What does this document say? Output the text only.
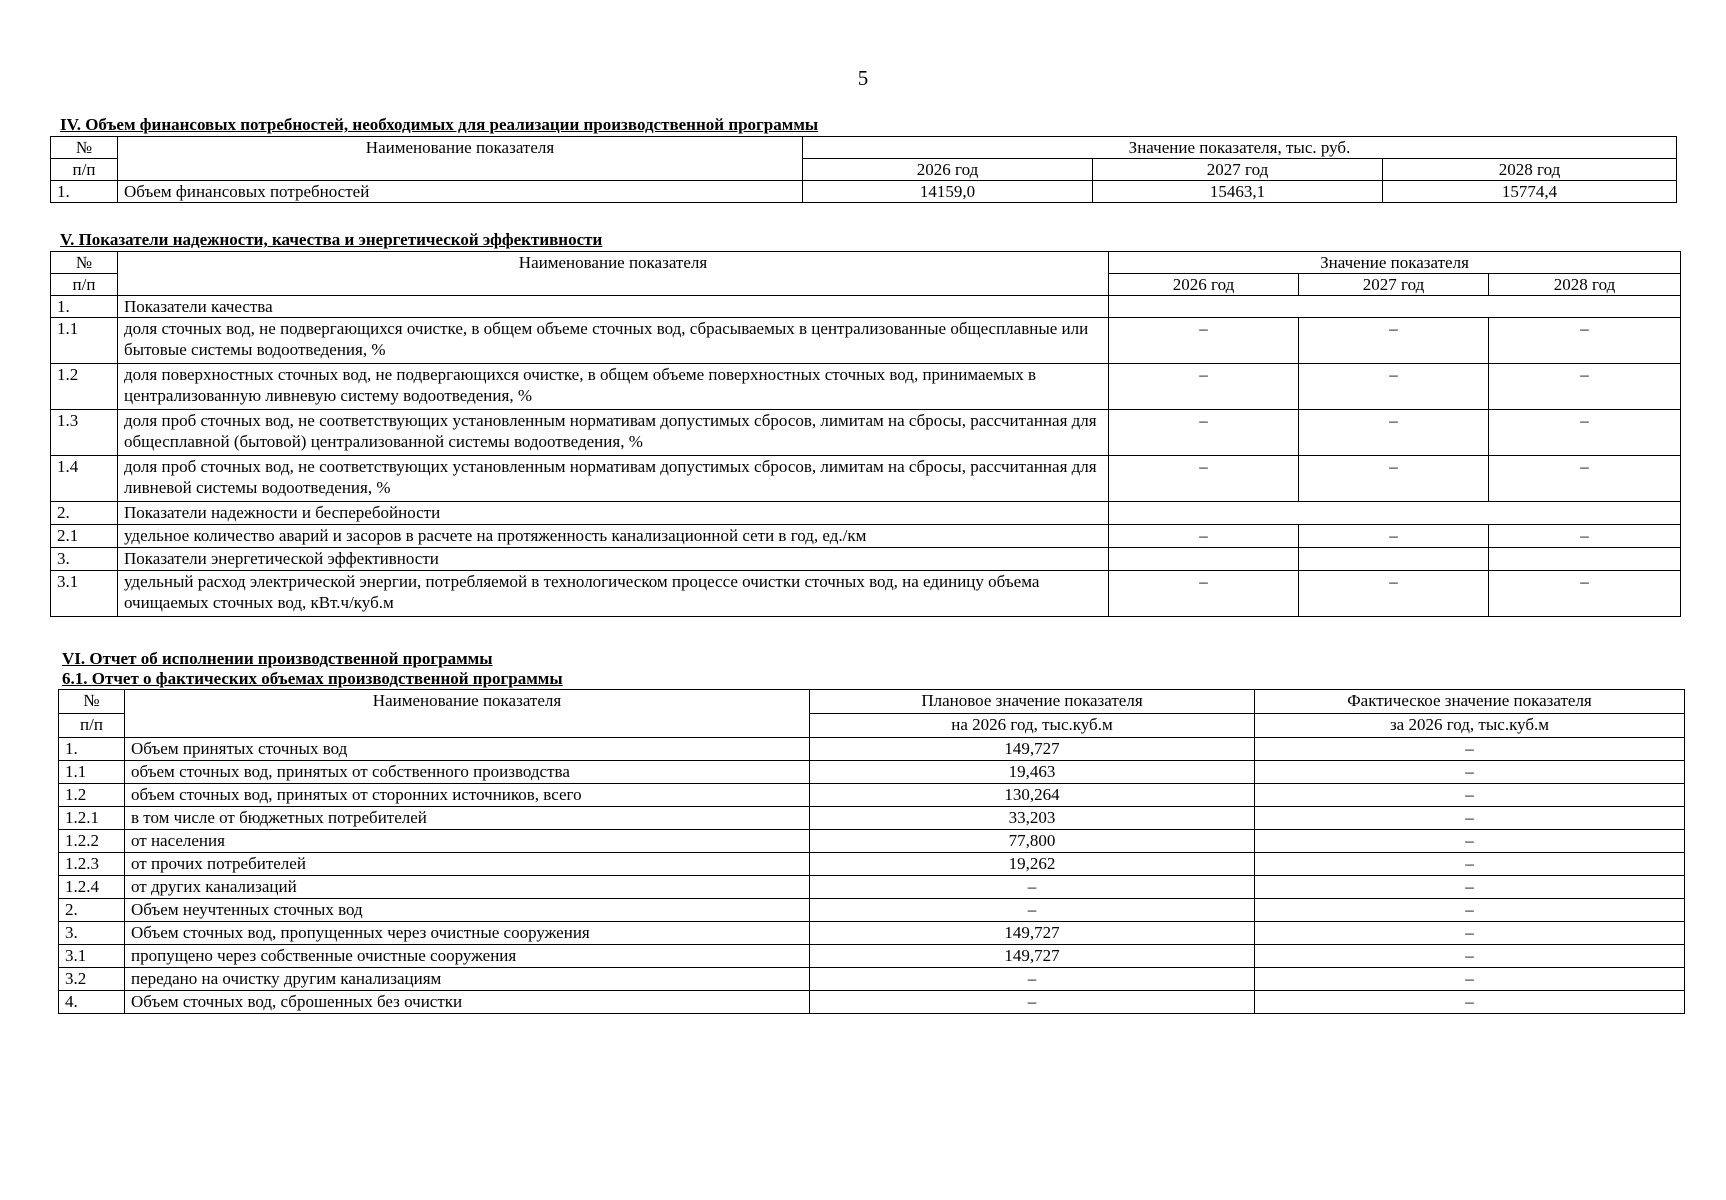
5
IV. Объем финансовых потребностей, необходимых для реализации производственной программы
№	Наименование показателя	Значение показателя, тыс. руб.		
п/п		2026 год	2027 год	2028 год
1.	Объем финансовых потребностей	14159,0	15463,1	15774,4
V. Показатели надежности, качества и энергетической эффективности
№	Наименование показателя	Значение показателя		
п/п		2026 год	2027 год	2028 год
1.	Показатели качества			
1.1	доля сточных вод, не подвергающихся очистке, в общем объеме сточных вод, сбрасываемых в централизованные общесплавные или бытовые системы водоотведения, %	–	–	–
1.2	доля поверхностных сточных вод, не подвергающихся очистке, в общем объеме поверхностных сточных вод, принимаемых в централизованную ливневую систему водоотведения, %	–	–	–
1.3	доля проб сточных вод, не соответствующих установленным нормативам допустимых сбросов, лимитам на сбросы, рассчитанная для общесплавной (бытовой) централизованной системы водоотведения, %	–	–	–
1.4	доля проб сточных вод, не соответствующих установленным нормативам допустимых сбросов, лимитам на сбросы, рассчитанная для ливневой системы водоотведения, %	–	–	–
2.	Показатели надежности и бесперебойности			
2.1	удельное количество аварий и засоров в расчете на протяженность канализационной сети в год, ед./км	–	–	–
3.	Показатели энергетической эффективности			
3.1	удельный расход электрической энергии, потребляемой в технологическом процессе очистки сточных вод, на единицу объема очищаемых сточных вод, кВт.ч/куб.м	–	–	–
VI. Отчет об исполнении производственной программы
6.1. Отчет о фактических объемах производственной программы
№	Наименование показателя	Плановое значение показателя	Фактическое значение показателя
п/п		на 2026 год, тыс.куб.м	за 2026 год, тыс.куб.м
1.	Объем принятых сточных вод	149,727	–
1.1	объем сточных вод, принятых от собственного производства	19,463	–
1.2	объем сточных вод, принятых от сторонних источников, всего	130,264	–
1.2.1	в том числе от бюджетных потребителей	33,203	–
1.2.2	от населения	77,800	–
1.2.3	от прочих потребителей	19,262	–
1.2.4	от других канализаций	–	–
2.	Объем неучтенных сточных вод	–	–
3.	Объем сточных вод, пропущенных через очистные сооружения	149,727	–
3.1	пропущено через собственные очистные сооружения	149,727	–
3.2	передано на очистку другим канализациям	–	–
4.	Объем сточных вод, сброшенных без очистки	–	–
